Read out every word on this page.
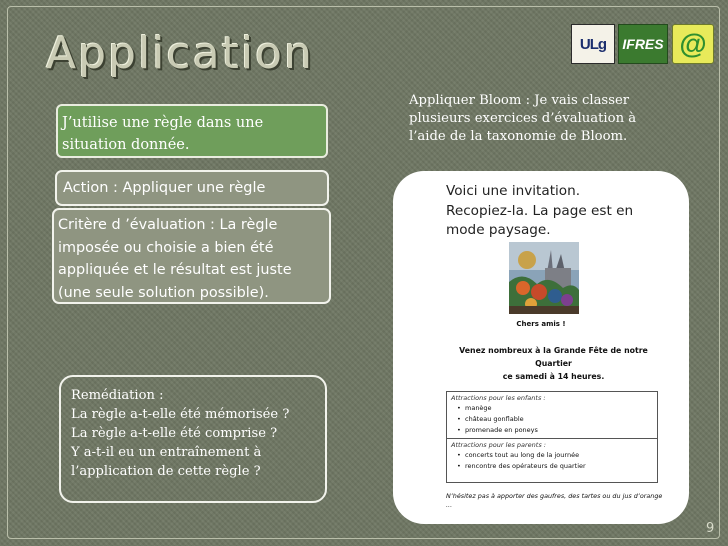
Application	ULg IFRES @
J’utilise une règle dans une
situation donnée.
Action : Appliquer une règle
Critère d ’évaluation : La règle
imposée ou choisie a bien été
appliquée et le résultat est juste
(une seule solution possible).
Appliquer Bloom : Je vais classer
plusieurs exercices d’évaluation à
l’aide de la taxonomie de Bloom.
Remédiation :
La règle a-t-elle été mémorisée ?
La règle a-t-elle été comprise ?
Y a-t-il eu un entraînement à
l’application de cette règle ?
Voici une invitation.
Recopiez-la. La page est en
mode paysage.
Chers amis !
Venez nombreux à la Grande Fête de notre Quartier
ce samedi à 14 heures.
Attractions pour les enfants :
• manège
• château gonflable
• promenade en poneys
Attractions pour les parents :
• concerts tout au long de la journée
• rencontre des opérateurs de quartier
N’hésitez pas à apporter des gaufres, des tartes ou du jus d’orange ...
9
